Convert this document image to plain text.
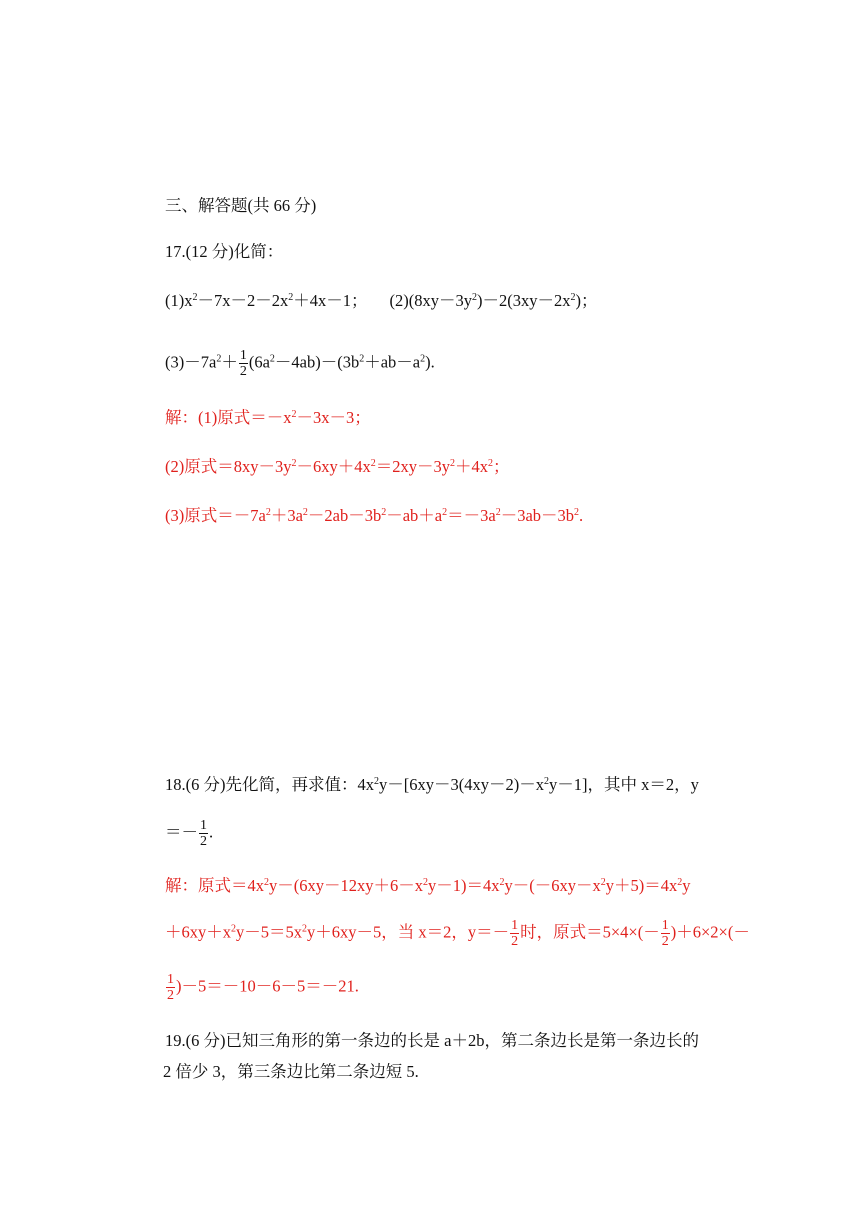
三、解答题(共 66 分)
17.(12 分)化简：
$(1)x^2-7x-2-2x^2+4x-1$； $(2)(8xy-3y^2)-2(3xy-2x^2)$；
$(3)-7a^2+ \frac{1}{2} (6a^2-4ab)-(3b^2+ab-a^2)$.
解：(1)原式$=-x^2-3x-3$；
(2)原式$=8xy-3y^2-6xy+4x^2=2xy-3y^2+4x^2$；
(3)原式$=-7a^2+3a^2-2ab-3b^2-ab+a^2=-3a^2-3ab-3b^2$.
18.(6 分)先化简，再求值：$4x^2y-[6xy-3(4xy-2)-x^2y-1]$，其中 x＝2，y
＝－ $\frac{1}{2}$ .
解：原式$=4x^2y-(6xy-12xy+6-x^2y-1)=4x^2y-(-6xy-x^2y+5)=4x^2y$
$+6xy+x^2y-5=5x^2y+6xy-5$，当 x＝2，$y=- \frac{1}{2}$ 时，原式$=5\times 4\times(- \frac{1}{2} )+6\times 2\times(-$
$\frac{1}{2} )-5=-10-6-5=-21$.
19.(6 分)已知三角形的第一条边的长是 a＋2b，第二条边长是第一条边长的
2 倍少 3，第三条边比第二条边短 5.
